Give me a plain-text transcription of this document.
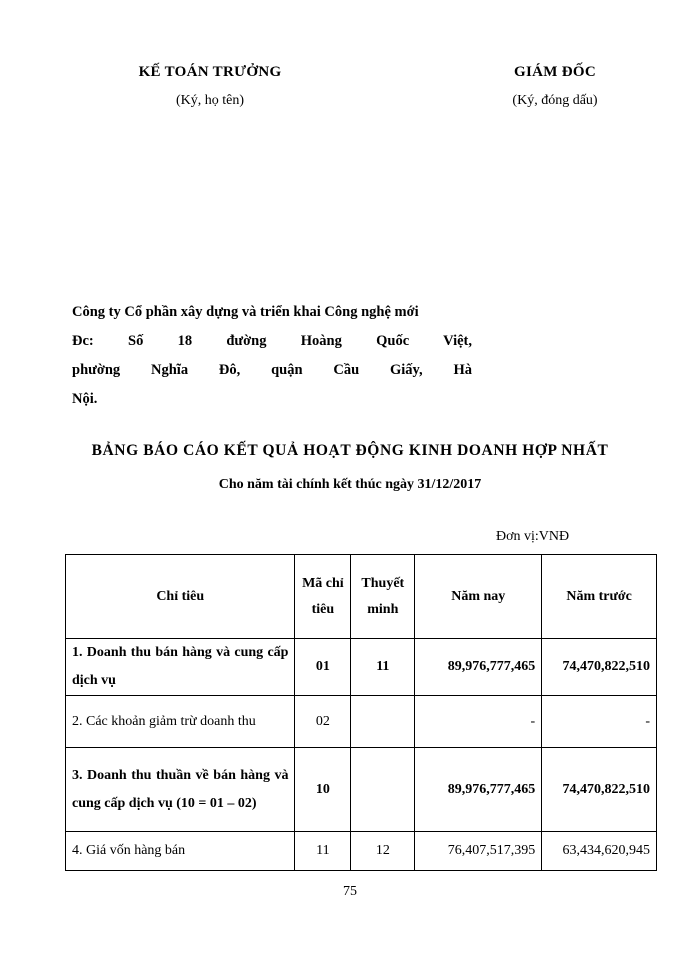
KẾ TOÁN TRƯỞNG
(Ký, họ tên)
GIÁM ĐỐC
(Ký, đóng dấu)
Công ty Cổ phần xây dựng và triển khai Công nghệ mới
Đc: Số 18 đường Hoàng Quốc Việt,
phường Nghĩa Đô, quận Cầu Giấy, Hà
Nội.
BẢNG BÁO CÁO KẾT QUẢ HOẠT ĐỘNG KINH DOANH HỢP NHẤT
Cho năm tài chính kết thúc ngày 31/12/2017
Đơn vị:VNĐ
Chỉ tiêu	Mã chỉ tiêu	Thuyết minh	Năm nay	Năm trước
1. Doanh thu bán hàng và cung cấp dịch vụ	01	11	89,976,777,465	74,470,822,510
2. Các khoản giảm trừ doanh thu	02		-	-
3. Doanh thu thuần về bán hàng và cung cấp dịch vụ (10 = 01 – 02)	10		89,976,777,465	74,470,822,510
4. Giá vốn hàng bán	11	12	76,407,517,395	63,434,620,945
75
